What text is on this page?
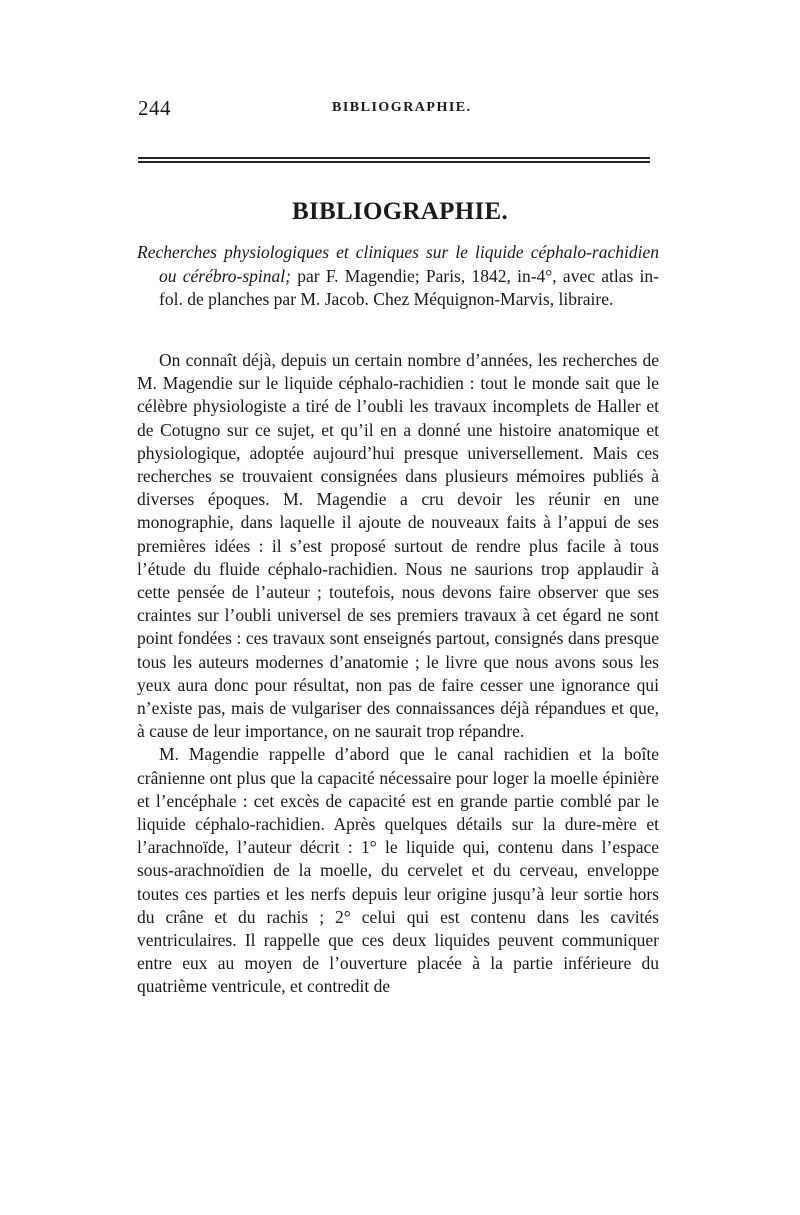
244	BIBLIOGRAPHIE.
BIBLIOGRAPHIE.

Recherches physiologiques et cliniques sur le liquide céphalo-rachidien ou cérébro-spinal; par F. Magendie; Paris, 1842, in-4°, avec atlas in-fol. de planches par M. Jacob. Chez Méquignon-Marvis, libraire.

On connaît déjà, depuis un certain nombre d’années, les recherches de M. Magendie sur le liquide céphalo-rachidien : tout le monde sait que le célèbre physiologiste a tiré de l’oubli les travaux incomplets de Haller et de Cotugno sur ce sujet, et qu’il en a donné une histoire anatomique et physiologique, adoptée aujourd’hui presque universellement. Mais ces recherches se trouvaient consignées dans plusieurs mémoires publiés à diverses époques. M. Magendie a cru devoir les réunir en une monographie, dans laquelle il ajoute de nouveaux faits à l’appui de ses premières idées : il s’est proposé surtout de rendre plus facile à tous l’étude du fluide céphalo-rachidien. Nous ne saurions trop applaudir à cette pensée de l’auteur ; toutefois, nous devons faire observer que ses craintes sur l’oubli universel de ses premiers travaux à cet égard ne sont point fondées : ces travaux sont enseignés partout, consignés dans presque tous les auteurs modernes d’anatomie ; le livre que nous avons sous les yeux aura donc pour résultat, non pas de faire cesser une ignorance qui n’existe pas, mais de vulgariser des connaissances déjà répandues et que, à cause de leur importance, on ne saurait trop répandre.

M. Magendie rappelle d’abord que le canal rachidien et la boîte crânienne ont plus que la capacité nécessaire pour loger la moelle épinière et l’encéphale : cet excès de capacité est en grande partie comblé par le liquide céphalo-rachidien. Après quelques détails sur la dure-mère et l’arachnoïde, l’auteur décrit : 1° le liquide qui, contenu dans l’espace sous-arachnoïdien de la moelle, du cervelet et du cerveau, enveloppe toutes ces parties et les nerfs depuis leur origine jusqu’à leur sortie hors du crâne et du rachis ; 2° celui qui est contenu dans les cavités ventriculaires. Il rappelle que ces deux liquides peuvent communiquer entre eux au moyen de l’ouverture placée à la partie inférieure du quatrième ventricule, et contredit de
